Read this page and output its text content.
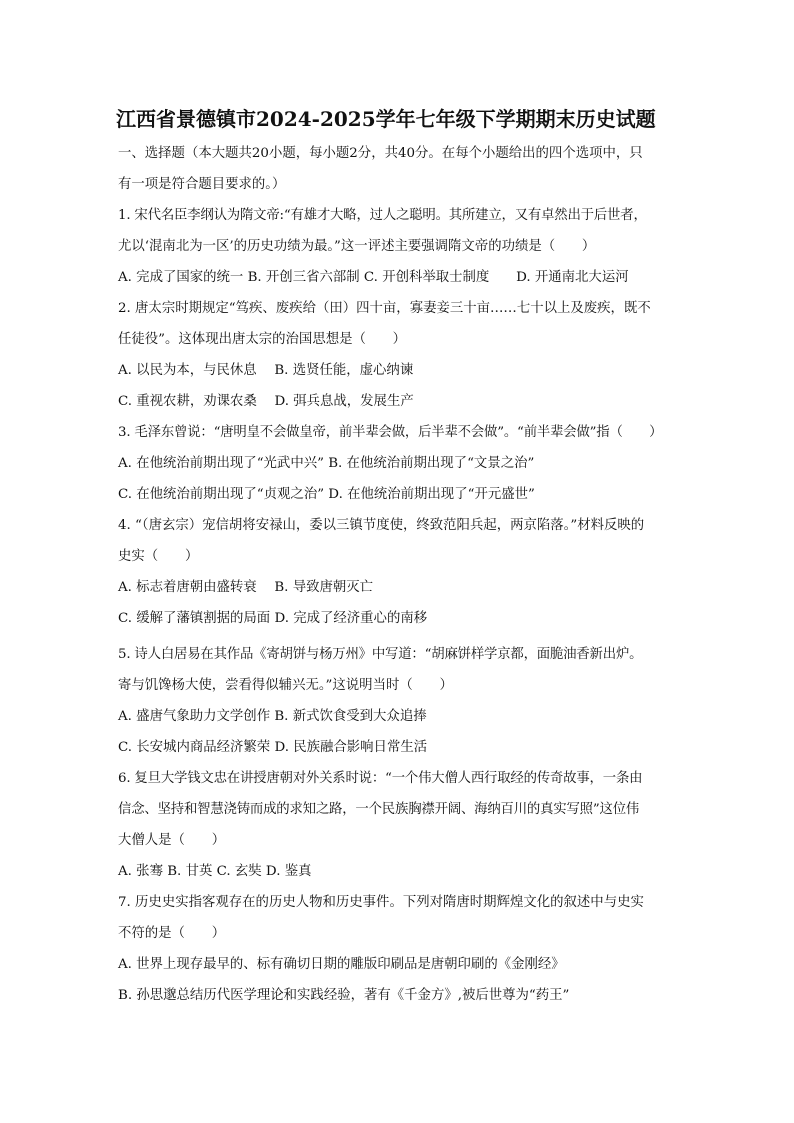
江西省景德镇市2024-2025学年七年级下学期期末历史试题
一、选择题（本大题共20小题，每小题2分，共40分。在每个小题给出的四个选项中，只
有一项是符合题目要求的。）
1. 宋代名臣李纲认为隋文帝:“有雄才大略，过人之聪明。其所建立，又有卓然出于后世者，
尤以‘混南北为一区’的历史功绩为最。”这一评述主要强调隋文帝的功绩是（　　）
A. 完成了国家的统一 B. 开创三省六部制 C. 开创科举取士制度　　D. 开通南北大运河
2. 唐太宗时期规定“笃疾、废疾给（田）四十亩，寡妻妾三十亩……七十以上及废疾，既不
任徒役”。这体现出唐太宗的治国思想是（　　）
A. 以民为本，与民休息　 B. 选贤任能，虚心纳谏
C. 重视农耕，劝课农桑　 D. 弭兵息战，发展生产
3. 毛泽东曾说：“唐明皇不会做皇帝，前半辈会做，后半辈不会做”。“前半辈会做”指（　　）
A. 在他统治前期出现了“光武中兴” B. 在他统治前期出现了“文景之治”
C. 在他统治前期出现了“贞观之治” D. 在他统治前期出现了“开元盛世”
4. “（唐玄宗）宠信胡将安禄山，委以三镇节度使，终致范阳兵起，两京陷落。”材料反映的
史实（　　）
A. 标志着唐朝由盛转衰　 B. 导致唐朝灭亡
C. 缓解了藩镇割据的局面 D. 完成了经济重心的南移
5. 诗人白居易在其作品《寄胡饼与杨万州》中写道：“胡麻饼样学京都，面脆油香新出炉。
寄与饥馋杨大使，尝看得似辅兴无。”这说明当时（　　）
A. 盛唐气象助力文学创作 B. 新式饮食受到大众追捧
C. 长安城内商品经济繁荣 D. 民族融合影响日常生活
6. 复旦大学钱文忠在讲授唐朝对外关系时说：“一个伟大僧人西行取经的传奇故事，一条由
信念、坚持和智慧浇铸而成的求知之路，一个民族胸襟开阔、海纳百川的真实写照”这位伟
大僧人是（　　）
A. 张骞 B. 甘英 C. 玄奘 D. 鉴真
7. 历史史实指客观存在的历史人物和历史事件。下列对隋唐时期辉煌文化的叙述中与史实
不符的是（　　）
A. 世界上现存最早的、标有确切日期的雕版印刷品是唐朝印刷的《金刚经》
B. 孙思邈总结历代医学理论和实践经验，著有《千金方》,被后世尊为“药王”
